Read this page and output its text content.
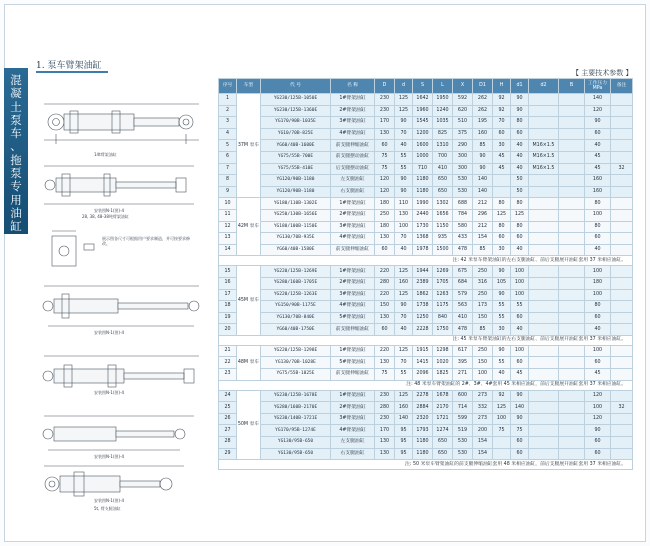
混
凝
土
泵
车
、
拖
泵
专
用
油
缸
1. 泵车臂架油缸
【 主要技术参数 】
14t臂架油缸
安装图N-1(图)-4
28, 38, 48-38吨臂架油缸
展示图各尺寸可根据用户要求制造，并可按要求修改。
安装图N-1(图)-4
安装图N-1(图)-4
安装图N-1(图)-4
安装图N-1(图)-4
5t, 臂支腿油缸
序号	车型	代 号	名 称	D	d	S	L	X	D1	H	d1	d2	B	工作压力 MPa	备注
1	37M 泵车	YG230/125B-1050E	1#臂架油缸	230	125	1642	1950	592	262	92	90			140	
2		YG230/125B-1360E	2#臂架油缸	230	125	1960	1240	620	262	92	90			120	
3		YG170/90B-1035E	3#臂架油缸	170	90	1545	1035	510	195	70	80			90	
4		YG10/70B-825E	4#臂架油缸	130	70	1200	825	375	160	60	60			60	
5		YG60/40B-1600E	前支腿伸缩油缸	60	40	1600	1310	290	85	30	40	M16×1.5		40	
6		YG75/55B-700E	前支腿摆动油缸	75	55	1000	700	300	90	45	40	M16×1.5		45	
7		YG75/55B-410E	后支腿摆动油缸	75	55	710	410	300	90	45	40	M16×1.5		45	32
8		YG120/90B-1180	左支腿油缸	120	90	1180	650	530	140		50			160	
9		YG120/90B-1180	右支腿油缸	120	90	1180	650	530	140		50			160	
10	42M 泵车	YG180/110B-1302E	1#臂架油缸	180	110	1990	1302	688	212	80	80			80	
11		YG250/130B-1656E	2#臂架油缸	250	130	2440	1656	784	296	125	125			100	
12		YG180/100B-1150E	3#臂架油缸	180	100	1730	1150	580	212	80	80			80	
13		YG130/70B-935E	4#臂架油缸	130	70	1368	935	433	154	60	60			60	
14		YG60/40B-1580E	前支腿伸缩油缸	60	40	1978	1500	478	85	30	40			40	
注: 42 米泵车臂架油缸的左右支腿油缸、前后支腿展开油缸套用 37 米相应油缸。															
15	45M 泵车	YG220/125B-1269E	1#臂架油缸	220	125	1944	1269	675	250	90	100			100	
16		YG280/160B-1705E	2#臂架油缸	280	160	2389	1705	684	316	105	100			180	
17		YG220/125B-1263E	3#臂架油缸	220	125	1862	1263	579	250	90	100			100	
18		YG150/90B-1175E	4#臂架油缸	150	90	1738	1175	563	173	55	55			80	
19		YG130/70B-840E	5#臂架油缸	130	70	1250	840	410	150	55	60			60	
20		YG60/40B-1750E	前支腿伸缩油缸	60	40	2228	1750	478	85	30	40			40	
注: 45 米泵车臂架油缸的左右支腿油缸、前后支腿展开油缸套用 37 米相应油缸。															
21	48M 泵车	YG220/125B-1298E	1#臂架油缸	220	125	1915	1298	617	250	90	100			100	
22		YG130/70B-1028E	5#臂架油缸	130	70	1415	1020	395	150	55	60			60	
23		YG75/55B-1825E	前支腿伸缩油缸	75	55	2096	1825	271	100	40	45			45	
注: 48 米泵车臂架油缸的 2#、3#、4#套用 45 米相应油缸，前后支腿展开油缸套用 37 米相应油缸。															
24	50M 泵车	YG230/125B-1678E	1#臂架油缸	230	125	2278	1678	600	273	92	90			120	
25		YG280/160B-2170E	2#臂架油缸	280	160	2884	2170	714	332	125	140			100	32
26		YG230/140B-1721E	3#臂架油缸	230	140	2320	1721	599	273	100	90			120	
27		YG170/95B-1274E	4#臂架油缸	170	95	1793	1274	519	200	75	75			90	
28		YG130/95B-650	左支腿油缸	130	95	1180	650	530	154		60			60	
29		YG130/95B-650	右支腿油缸	130	95	1180	650	530	154		60			60	
注: 50 米泵车臂架油缸的前支腿伸缩油缸套用 48 米相应油缸，前后支腿展开油缸套用 37 米相应油缸。															
